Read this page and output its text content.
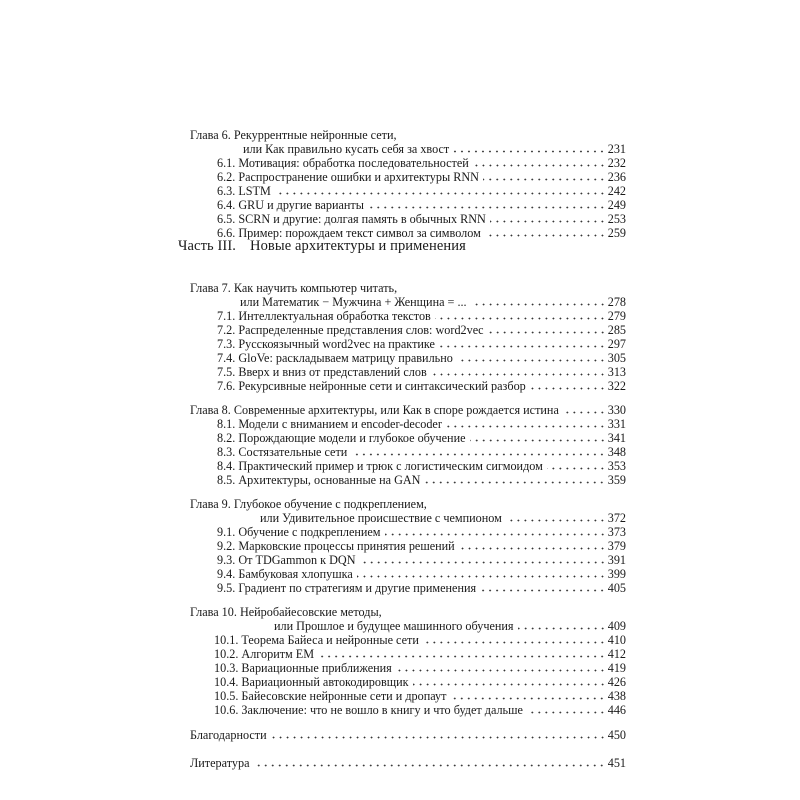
Часть III. Новые архитектуры и применения
Глава 6. Рекуррентные нейронные сети,
или Как правильно кусать себя за хвост	231
6.1. Мотивация: обработка последовательностей	232
6.2. Распространение ошибки и архитектуры RNN	236
6.3. LSTM	242
6.4. GRU и другие варианты	249
6.5. SCRN и другие: долгая память в обычных RNN	253
6.6. Пример: порождаем текст символ за символом	259
Глава 7. Как научить компьютер читать,
или Математик − Мужчина + Женщина = ...	278
7.1. Интеллектуальная обработка текстов	279
7.2. Распределенные представления слов: word2vec	285
7.3. Русскоязычный word2vec на практике	297
7.4. GloVe: раскладываем матрицу правильно	305
7.5. Вверх и вниз от представлений слов	313
7.6. Рекурсивные нейронные сети и синтаксический разбор	322
Глава 8. Современные архитектуры, или Как в споре рождается истина	330
8.1. Модели с вниманием и encoder-decoder	331
8.2. Порождающие модели и глубокое обучение	341
8.3. Состязательные сети	348
8.4. Практический пример и трюк с логистическим сигмоидом	353
8.5. Архитектуры, основанные на GAN	359
Глава 9. Глубокое обучение с подкреплением,
или Удивительное происшествие с чемпионом	372
9.1. Обучение с подкреплением	373
9.2. Марковские процессы принятия решений	379
9.3. От TDGammon к DQN	391
9.4. Бамбуковая хлопушка	399
9.5. Градиент по стратегиям и другие применения	405
Глава 10. Нейробайесовские методы,
или Прошлое и будущее машинного обучения	409
10.1. Теорема Байеса и нейронные сети	410
10.2. Алгоритм EM	412
10.3. Вариационные приближения	419
10.4. Вариационный автокодировщик	426
10.5. Байесовские нейронные сети и дропаут	438
10.6. Заключение: что не вошло в книгу и что будет дальше	446
Благодарности	450
Литература	451
